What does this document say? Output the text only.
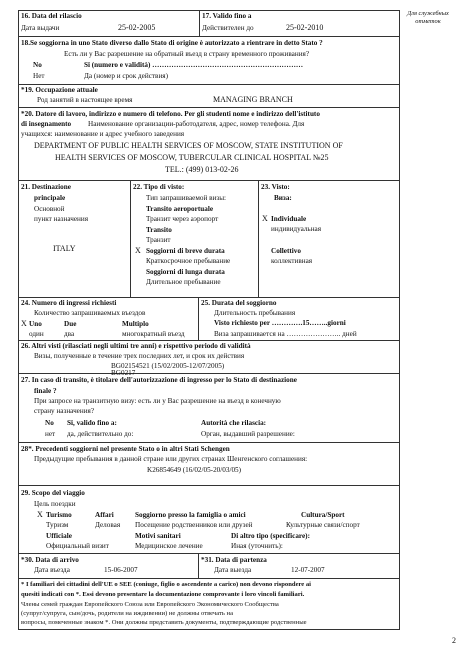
Для служебных отметок
16. Data del rilascio
Дата выдачи	25-02-2005
17. Valido fino a
Действителен до	25-02-2010
18.Se soggiorna in uno Stato diverso dallo Stato di origine è autorizzato a rientrare in detto Stato ?
Есть ли у Вас разрешение на обратный въезд в страну временного проживания?
No	Si (numero e validità) ………………………………………………………
Нет	Да (номер и срок действия)
*19. Occupazione attuale
Род занятий в настоящее время	MANAGING BRANCH
*20. Datore di lavoro, indirizzo e numero di telefono. Per gli studenti nome e indirizzo dell'istituto
di insegnamento Наименование организации-работодателя, адрес, номер телефона. Для
учащихся: наименование и адрес учебного заведения
DEPARTMENT OF PUBLIC HEALTH SERVICES OF MOSCOW, STATE INSTITUTION OF
HEALTH SERVICES OF MOSCOW, TUBERCULAR CLINICAL HOSPITAL №25
TEL.: (499) 013-02-26
21. Destinazione
principale
Основной
пункт назначения
ITALY
22. Tipo di visto:
Тип запрашиваемой визы:
Transito aeroportuale
Транзит через аэропорт
Transito
Транзит
X Soggiorni di breve durata
Краткосрочное пребывание
Soggiorni di lunga durata
Длительное пребывание
23. Visto:
Виза:
X Individuale
индивидуальная
Collettivo
коллективная
24. Numero di ingressi richiesti
Количество запрашиваемых въездов
X Uno	Due	Multiplo
один	два	многократный въезд
25. Durata del soggiorno
Длительность пребывания
Visto richiesto per ………….15……..giorni
Виза запрашивается на ………………….. дней
26. Altri visti (rilasciati negli ultimi tre anni) e rispettivo periodo di validità
Визы, полученные в течение трех последних лет, и срок их действия
BG02154521 (15/02/2005-12/07/2005)
BG0217
27. In caso di transito, è titolare dell'autorizzazione di ingresso per lo Stato di destinazione
finale ?
При запросе на транзитную визу: есть ли у Вас разрешение на въезд в конечную
страну назначения?
No Si, valido fino a:	Autorità che rilascia:
нет да, действительно до:	Орган, выдавший разрешение:
28*. Precedenti soggiorni nel presente Stato o in altri Stati Schengen
Предыдущие пребывания в данной стране или других странах Шенгенского соглашения:
K26854649 (16/02/05-20/03/05)
29. Scopo del viaggio
Цель поездки
X Turismo	Affari	Soggiorno presso la famiglia o amici	Cultura/Sport
Туризм	Деловая Посещение родственников или друзей	Культурные связи/спорт
Ufficiale	Motivi sanitari	Di altro tipo (specificare):
Официальный визит	Медицинское лечение	Иная (уточнить):
*30. Data di arrivo
Дата въезда	15-06-2007
*31. Data di partenza
Дата выезда	12-07-2007
* I familiari dei cittadini dell'UE o SEE (coniuge, figlio o ascendente a carico) non devono rispondere ai
quesiti indicati con *. Essi devono presentare la documentazione comprovante i loro vincoli familiari.
Члены семей граждан Европейского Союза или Европейского Экономического Сообщества
(супруг/супруга, сын/дочь, родители на иждивении) не должны отвечать на
вопросы, помеченные знаком *. Они должны представить документы, подтверждающие родственные
2
